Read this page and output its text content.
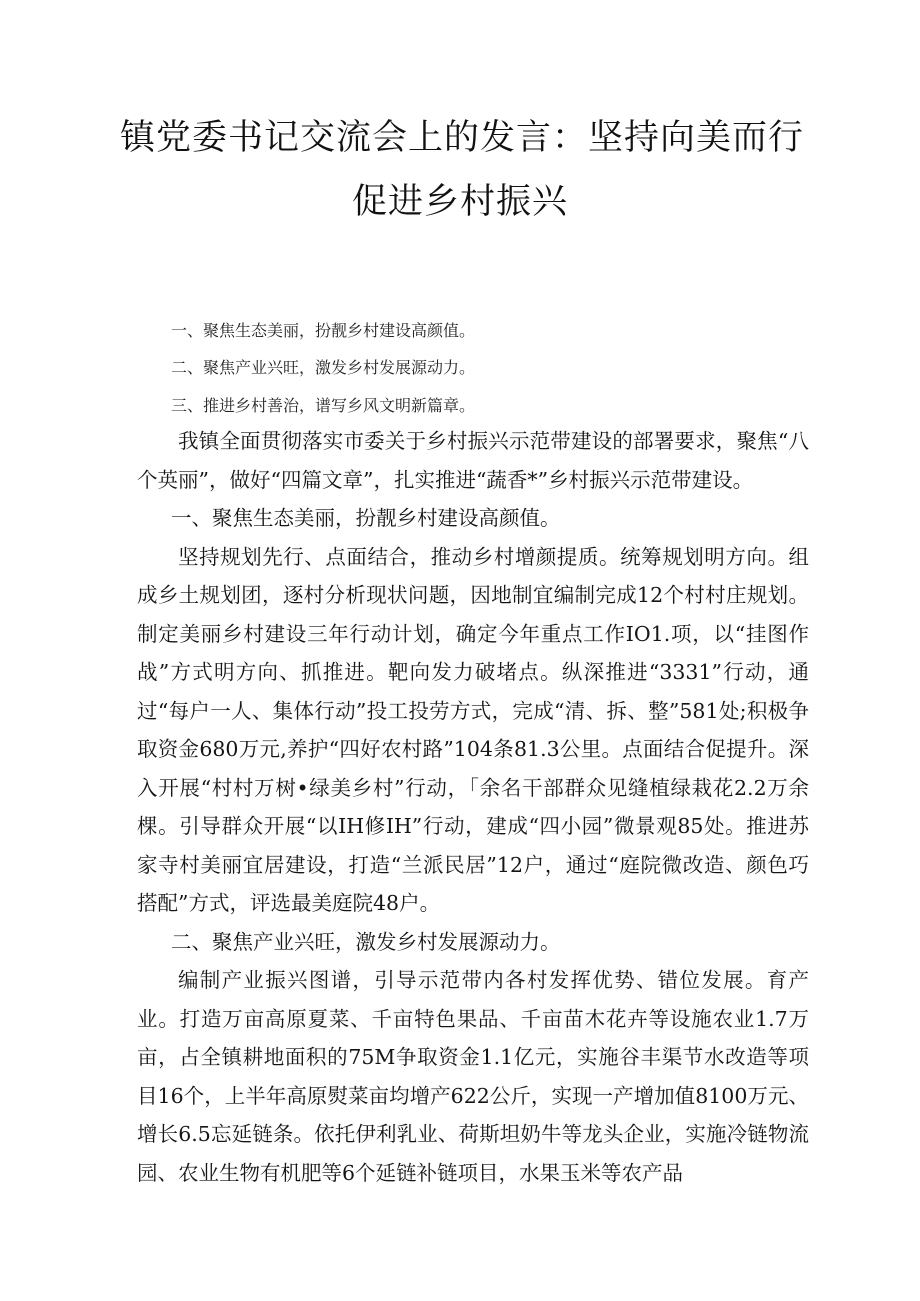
镇党委书记交流会上的发言：坚持向美而行
促进乡村振兴
一、聚焦生态美丽，扮靓乡村建设高颜值。
二、聚焦产业兴旺，激发乡村发展源动力。
三、推进乡村善治，谱写乡风文明新篇章。

我镇全面贯彻落实市委关于乡村振兴示范带建设的部署要求，聚焦“八个英丽”，做好“四篇文章”，扎实推进“蔬香*”乡村振兴示范带建设。

一、聚焦生态美丽，扮靓乡村建设高颜值。

坚持规划先行、点面结合，推动乡村增颜提质。统筹规划明方向。组成乡土规划团，逐村分析现状问题，因地制宜编制完成12个村村庄规划。制定美丽乡村建设三年行动计划，确定今年重点工作IO1.项，以“挂图作战”方式明方向、抓推进。靶向发力破堵点。纵深推进“3331”行动，通过“每户一人、集体行动”投工投劳方式，完成“清、拆、整”581处;积极争取资金680万元,养护“四好农村路”104条81.3公里。点面结合促提升。深入开展“村村万树•绿美乡村”行动，「余名干部群众见缝植绿栽花2.2万余棵。引导群众开展“以IH修IH”行动，建成“四小园”微景观85处。推进苏家寺村美丽宜居建设，打造“兰派民居”12户，通过“庭院微改造、颜色巧搭配”方式，评选最美庭院48户。

二、聚焦产业兴旺，激发乡村发展源动力。

编制产业振兴图谱，引导示范带内各村发挥优势、错位发展。育产业。打造万亩高原夏菜、千亩特色果品、千亩苗木花卉等设施农业1.7万亩，占全镇耕地面积的75M争取资金1.1亿元，实施谷丰渠节水改造等项目16个，上半年高原熨菜亩均增产622公斤，实现一产增加值8100万元、增长6.5忘延链条。依托伊利乳业、荷斯坦奶牛等龙头企业，实施冷链物流园、农业生物有机肥等6个延链补链项目，水果玉米等农产品
